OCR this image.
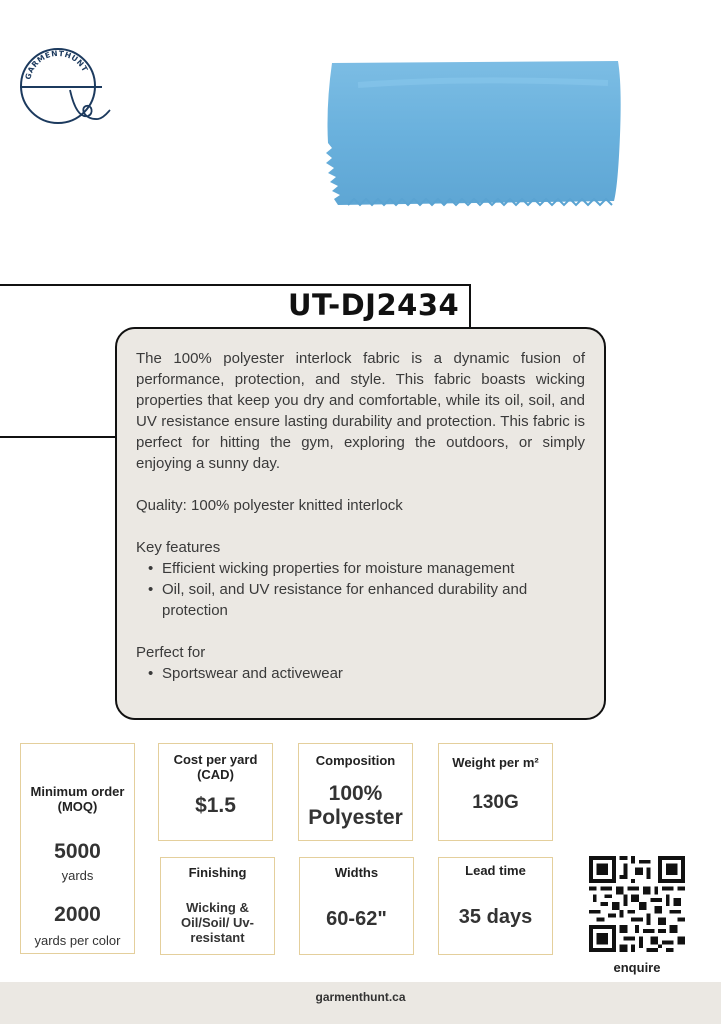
GARMENTHUNT
UT-DJ2434

The 100% polyester interlock fabric is a dynamic fusion of performance, protection, and style. This fabric boasts wicking properties that keep you dry and comfortable, while its oil, soil, and UV resistance ensure lasting durability and protection. This fabric is perfect for hitting the gym, exploring the outdoors, or simply enjoying a sunny day.

Quality: 100% polyester knitted interlock

Key features

• Efficient wicking properties for moisture management
• Oil, soil, and UV resistance for enhanced durability and protection

Perfect for

• Sportswear and activewear
Minimum order (MOQ)
5000
yards
2000
yards per color
Cost per yard (CAD)
$1.5
Composition
100%
Polyester
Weight per m²
130G
Finishing
Wicking & Oil/Soil/ Uv-resistant
Widths
60-62"
Lead time
35 days
enquire
garmenthunt.ca
